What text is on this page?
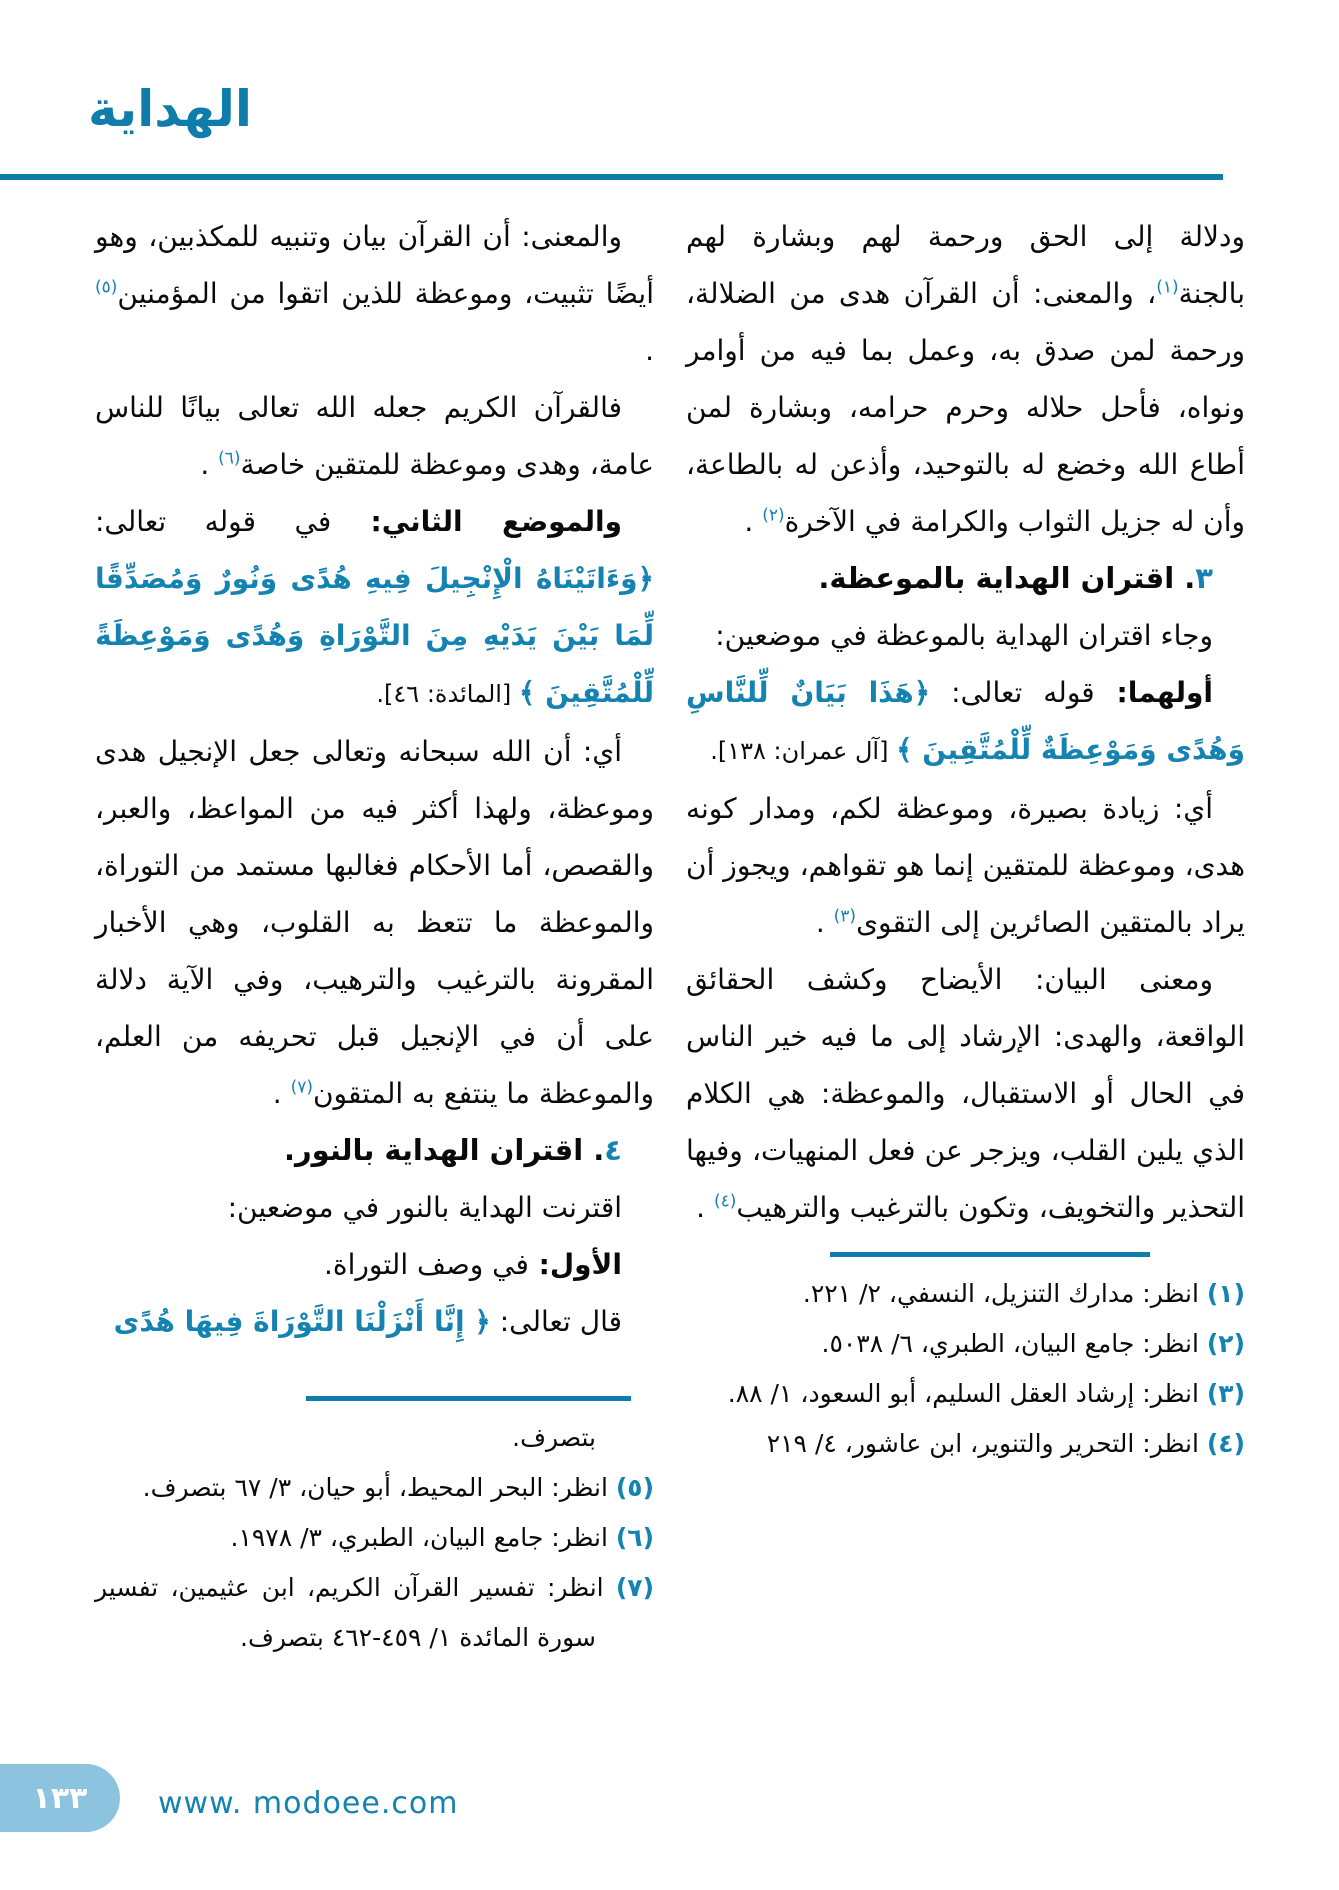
الهداية

ودلالة إلى الحق ورحمة لهم وبشارة لهم بالجنة$^{(١)}$، والمعنى: أن القرآن هدى من الضلالة، ورحمة لمن صدق به، وعمل بما فيه من أوامر ونواه، فأحل حلاله وحرم حرامه، وبشارة لمن أطاع الله وخضع له بالتوحيد، وأذعن له بالطاعة، وأن له جزيل الثواب والكرامة في الآخرة$^{(٢)}$ .

٣. اقتران الهداية بالموعظة.

وجاء اقتران الهداية بالموعظة في موضعين:

أولهما: قوله تعالى: ﴿هَذَا بَيَانٌ لِّلنَّاسِ وَهُدًى وَمَوْعِظَةٌ لِّلْمُتَّقِينَ ﴾ [آل عمران: ١٣٨].

أي: زيادة بصيرة، وموعظة لكم، ومدار كونه هدى، وموعظة للمتقين إنما هو تقواهم، ويجوز أن يراد بالمتقين الصائرين إلى التقوى$^{(٣)}$ .

ومعنى البيان: الأيضاح وكشف الحقائق الواقعة، والهدى: الإرشاد إلى ما فيه خير الناس في الحال أو الاستقبال، والموعظة: هي الكلام الذي يلين القلب، ويزجر عن فعل المنهيات، وفيها التحذير والتخويف، وتكون بالترغيب والترهيب$^{(٤)}$ .

(١) انظر: مدارك التنزيل، النسفي، ٢/ ٢٢١.

(٢) انظر: جامع البيان، الطبري، ٦/ ٥٠٣٨.

(٣) انظر: إرشاد العقل السليم، أبو السعود، ١/ ٨٨.

(٤) انظر: التحرير والتنوير، ابن عاشور، ٤/ ٢١٩

والمعنى: أن القرآن بيان وتنبيه للمكذبين، وهو أيضًا تثبيت، وموعظة للذين اتقوا من المؤمنين$^{(٥)}$ .

فالقرآن الكريم جعله الله تعالى بيانًا للناس عامة، وهدى وموعظة للمتقين خاصة$^{(٦)}$ .

والموضع الثاني: في قوله تعالى: ﴿وَءَاتَيْنَاهُ الْإِنْجِيلَ فِيهِ هُدًى وَنُورٌ وَمُصَدِّقًا لِّمَا بَيْنَ يَدَيْهِ مِنَ التَّوْرَاةِ وَهُدًى وَمَوْعِظَةً لِّلْمُتَّقِينَ ﴾ [المائدة: ٤٦].

أي: أن الله سبحانه وتعالى جعل الإنجيل هدى وموعظة، ولهذا أكثر فيه من المواعظ، والعبر، والقصص، أما الأحكام فغالبها مستمد من التوراة، والموعظة ما تتعظ به القلوب، وهي الأخبار المقرونة بالترغيب والترهيب، وفي الآية دلالة على أن في الإنجيل قبل تحريفه من العلم، والموعظة ما ينتفع به المتقون$^{(٧)}$ .

٤. اقتران الهداية بالنور.

اقترنت الهداية بالنور في موضعين:

الأول: في وصف التوراة.

قال تعالى: ﴿ إِنَّا أَنْزَلْنَا التَّوْرَاةَ فِيهَا هُدًى

بتصرف.

(٥) انظر: البحر المحيط، أبو حيان، ٣/ ٦٧ بتصرف.

(٦) انظر: جامع البيان، الطبري، ٣/ ١٩٧٨.

(٧) انظر: تفسير القرآن الكريم، ابن عثيمين، تفسير سورة المائدة ١/ ٤٥٩-٤٦٢ بتصرف.

١٣٣ www. modoee.com
